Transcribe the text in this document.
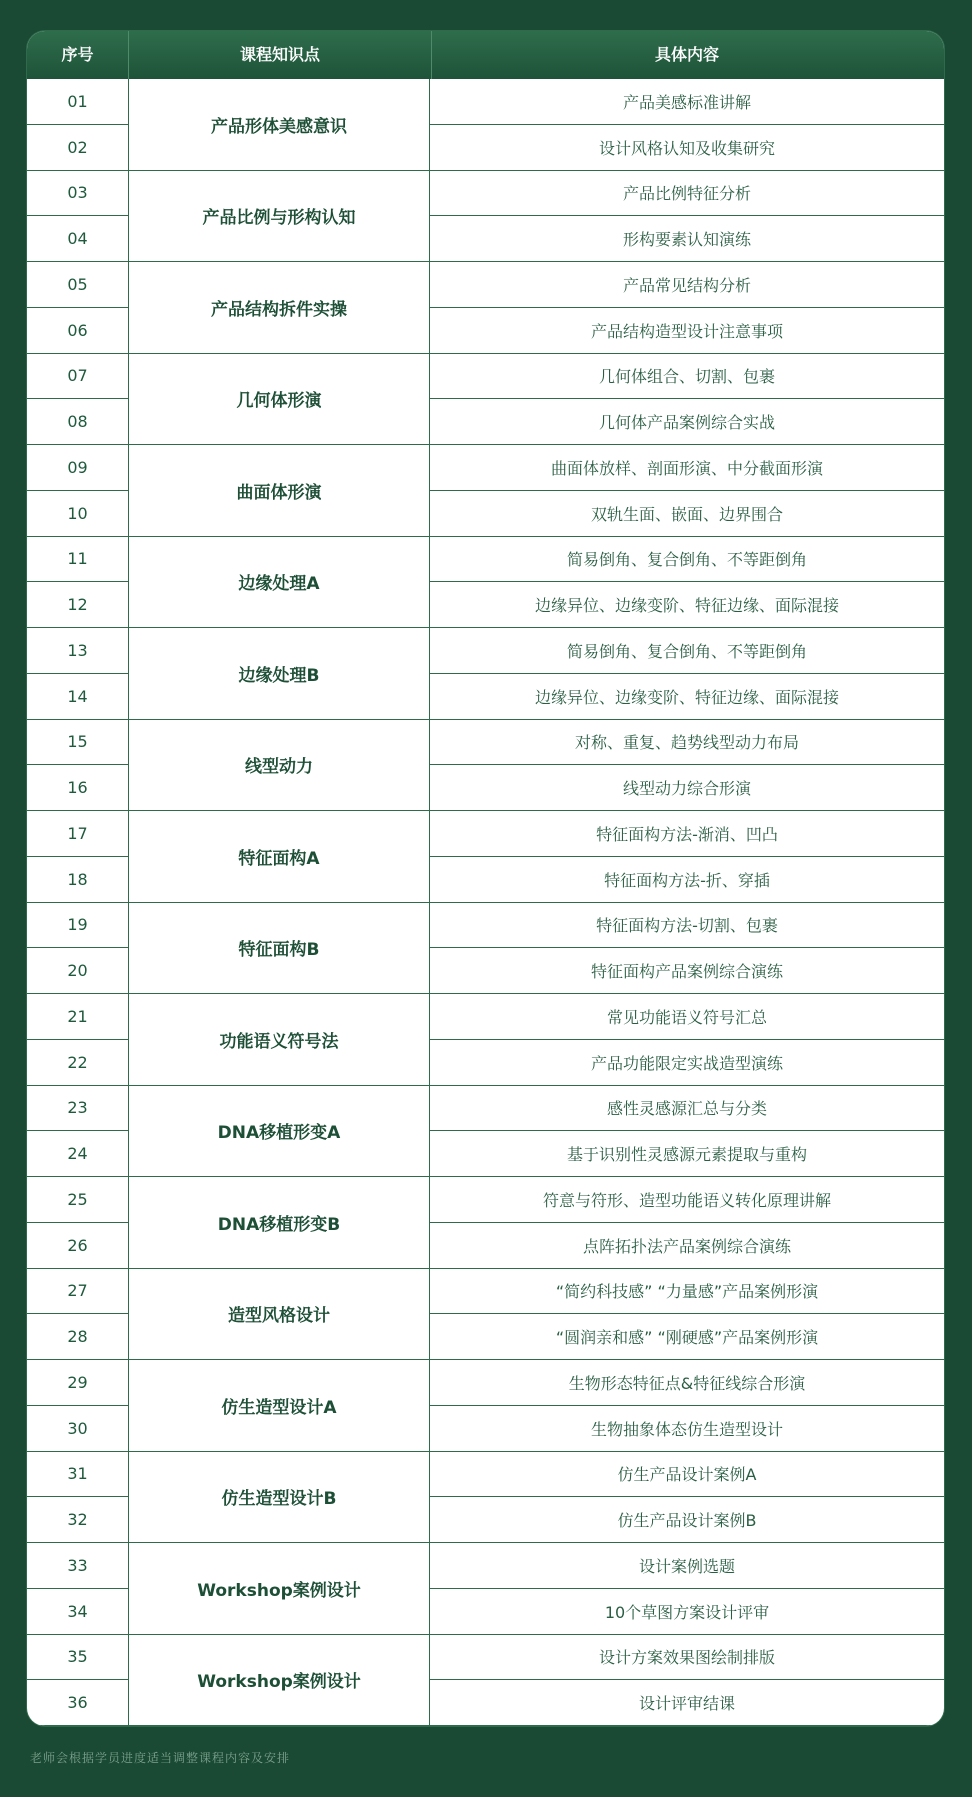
序号	课程知识点	具体内容
产品形体美感意识
01	产品美感标准讲解
02	设计风格认知及收集研究
产品比例与形构认知
03	产品比例特征分析
04	形构要素认知演练
产品结构拆件实操
05	产品常见结构分析
06	产品结构造型设计注意事项
几何体形演
07	几何体组合、切割、包裹
08	几何体产品案例综合实战
曲面体形演
09	曲面体放样、剖面形演、中分截面形演
10	双轨生面、嵌面、边界围合
边缘处理A
11	简易倒角、复合倒角、不等距倒角
12	边缘异位、边缘变阶、特征边缘、面际混接
边缘处理B
13	简易倒角、复合倒角、不等距倒角
14	边缘异位、边缘变阶、特征边缘、面际混接
线型动力
15	对称、重复、趋势线型动力布局
16	线型动力综合形演
特征面构A
17	特征面构方法-渐消、凹凸
18	特征面构方法-折、穿插
特征面构B
19	特征面构方法-切割、包裹
20	特征面构产品案例综合演练
功能语义符号法
21	常见功能语义符号汇总
22	产品功能限定实战造型演练
DNA移植形变A
23	感性灵感源汇总与分类
24	基于识别性灵感源元素提取与重构
DNA移植形变B
25	符意与符形、造型功能语义转化原理讲解
26	点阵拓扑法产品案例综合演练
造型风格设计
27	“简约科技感” “力量感”产品案例形演
28	“圆润亲和感” “刚硬感”产品案例形演
仿生造型设计A
29	生物形态特征点&特征线综合形演
30	生物抽象体态仿生造型设计
仿生造型设计B
31	仿生产品设计案例A
32	仿生产品设计案例B
Workshop案例设计
33	设计案例选题
34	10个草图方案设计评审
Workshop案例设计
35	设计方案效果图绘制排版
36	设计评审结课
老师会根据学员进度适当调整课程内容及安排
